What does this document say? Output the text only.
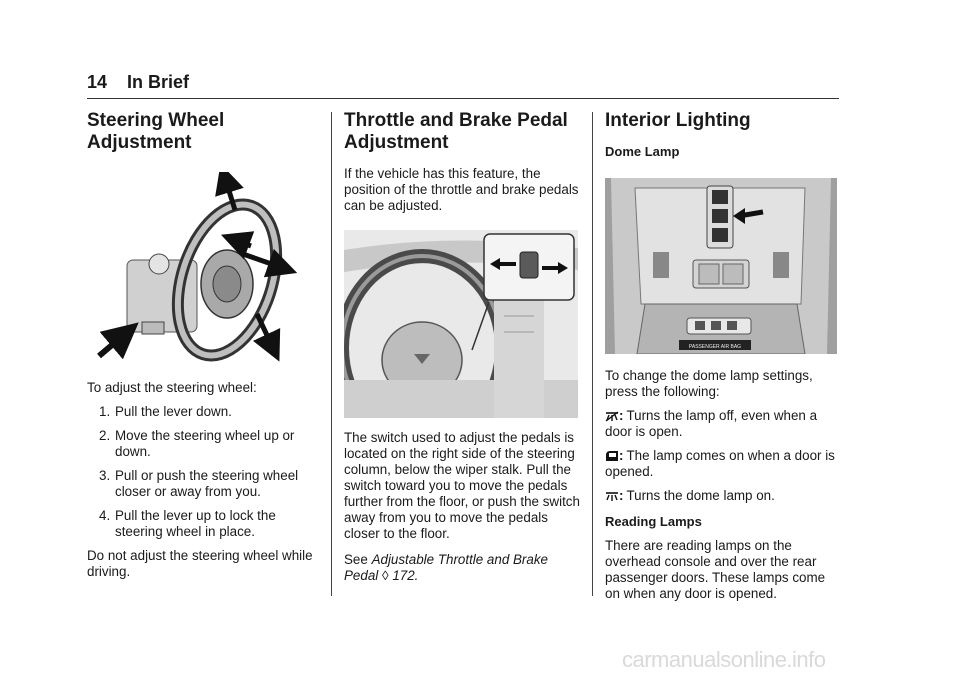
14 In Brief
Steering Wheel
Adjustment

To adjust the steering wheel:

1. Pull the lever down.
2. Move the steering wheel up or down.
3. Pull or push the steering wheel closer or away from you.
4. Pull the lever up to lock the steering wheel in place.

Do not adjust the steering wheel while driving.

Throttle and Brake Pedal
Adjustment

If the vehicle has this feature, the position of the throttle and brake pedals can be adjusted.

The switch used to adjust the pedals is located on the right side of the steering column, below the wiper stalk. Pull the switch toward you to move the pedals further from the floor, or push the switch away from you to move the pedals closer to the floor.

See Adjustable Throttle and Brake
Pedal ◊ 172.

Interior Lighting
Dome Lamp
PASSENGER AIR BAG

To change the dome lamp settings, press the following:

: Turns the lamp off, even when a door is open.

: The lamp comes on when a door is opened.

: Turns the dome lamp on.

Reading Lamps

There are reading lamps on the overhead console and over the rear passenger doors. These lamps come on when any door is opened.

carmanualsonline.info
